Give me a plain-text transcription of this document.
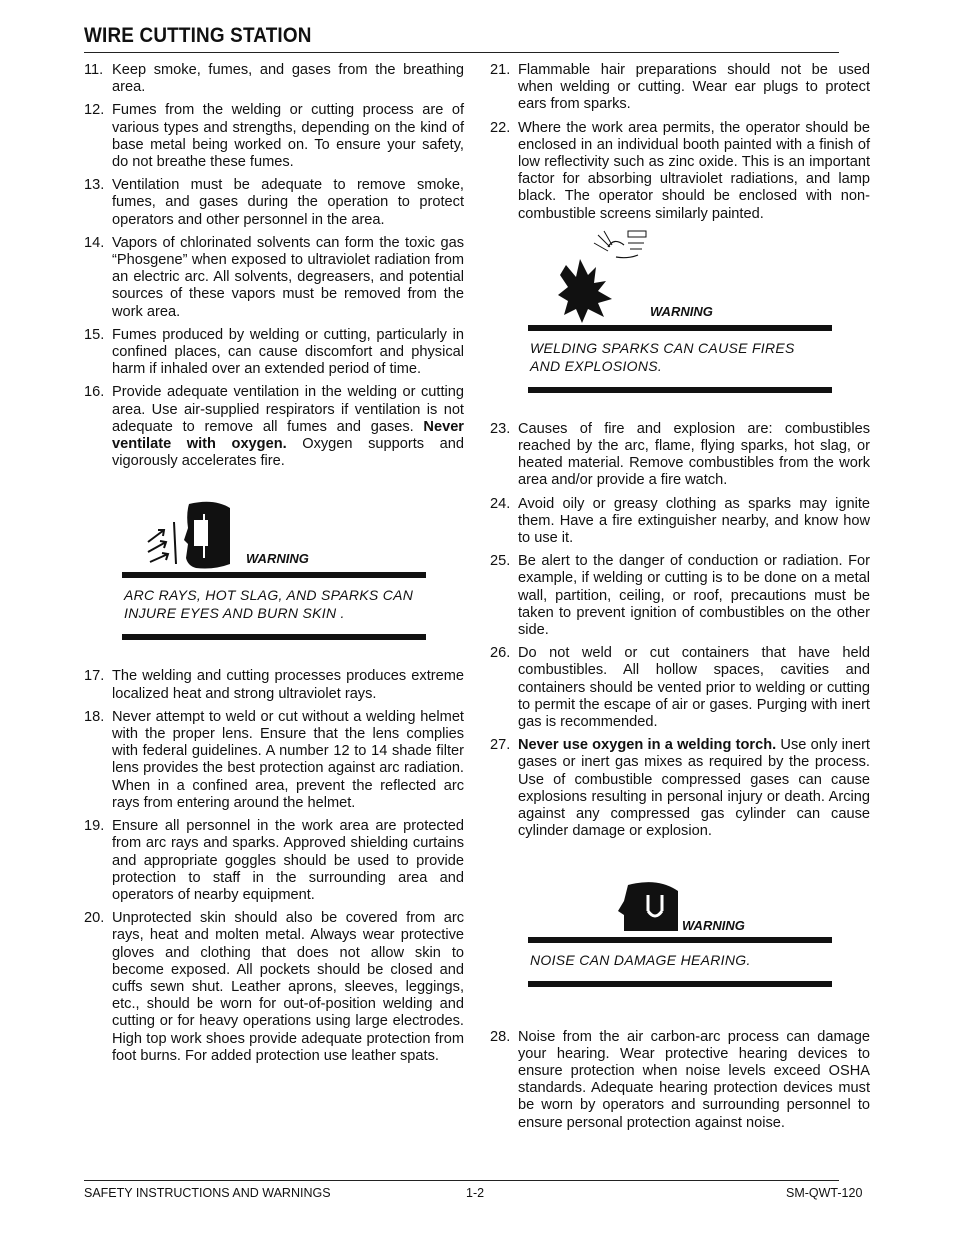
WIRE CUTTING STATION
11. Keep smoke, fumes, and gases from the breathing area.
12. Fumes from the welding or cutting process are of various types and strengths, depending on the kind of base metal being worked on. To ensure your safety, do not breathe these fumes.
13. Ventilation must be adequate to remove smoke, fumes, and gases during the operation to protect operators and other personnel in the area.
14. Vapors of chlorinated solvents can form the toxic gas “Phosgene” when exposed to ultraviolet radiation from an electric arc. All solvents, degreasers, and potential sources of these vapors must be removed from the work area.
15. Fumes produced by welding or cutting, particularly in confined places, can cause discomfort and physical harm if inhaled over an extended period of time.
16. Provide adequate ventilation in the welding or cutting area. Use air-supplied respirators if ventilation is not adequate to remove all fumes and gases. Never ventilate with oxygen. Oxygen supports and vigorously accelerates fire.
WARNING
ARC RAYS, HOT SLAG, AND SPARKS CAN INJURE EYES AND BURN SKIN .
17. The welding and cutting processes produces extreme localized heat and strong ultraviolet rays.
18. Never attempt to weld or cut without a welding helmet with the proper lens. Ensure that the lens complies with federal guidelines. A number 12 to 14 shade filter lens provides the best protection against arc radiation. When in a confined area, prevent the reflected arc rays from entering around the helmet.
19. Ensure all personnel in the work area are protected from arc rays and sparks. Approved shielding curtains and appropriate goggles should be used to provide protection to staff in the surrounding area and operators of nearby equipment.
20. Unprotected skin should also be covered from arc rays, heat and molten metal. Always wear protective gloves and clothing that does not allow skin to become exposed. All pockets should be closed and cuffs sewn shut. Leather aprons, sleeves, leggings, etc., should be worn for out-of-position welding and cutting or for heavy operations using large electrodes. High top work shoes provide adequate protection from foot burns. For added protection use leather spats.
21. Flammable hair preparations should not be used when welding or cutting. Wear ear plugs to protect ears from sparks.
22. Where the work area permits, the operator should be enclosed in an individual booth painted with a finish of low reflectivity such as zinc oxide. This is an important factor for absorbing ultraviolet radiations, and lamp black. The operator should be enclosed with non-combustible screens similarly painted.
WARNING
WELDING SPARKS CAN CAUSE FIRES AND EXPLOSIONS.
23. Causes of fire and explosion are: combustibles reached by the arc, flame, flying sparks, hot slag, or heated material. Remove combustibles from the work area and/or provide a fire watch.
24. Avoid oily or greasy clothing as sparks may ignite them. Have a fire extinguisher nearby, and know how to use it.
25. Be alert to the danger of conduction or radiation. For example, if welding or cutting is to be done on a metal wall, partition, ceiling, or roof, precautions must be taken to prevent ignition of combustibles on the other side.
26. Do not weld or cut containers that have held combustibles. All hollow spaces, cavities and containers should be vented prior to welding or cutting to permit the escape of air or gases. Purging with inert gas is recommended.
27. Never use oxygen in a welding torch. Use only inert gases or inert gas mixes as required by the process. Use of combustible compressed gases can cause explosions resulting in personal injury or death. Arcing against any compressed gas cylinder can cause cylinder damage or explosion.
WARNING
NOISE CAN DAMAGE HEARING.
28. Noise from the air carbon-arc process can damage your hearing. Wear protective hearing devices to ensure protection when noise levels exceed OSHA standards. Adequate hearing protection devices must be worn by operators and surrounding personnel to ensure personal protection against noise.
SAFETY INSTRUCTIONS AND WARNINGS	1-2	SM-QWT-120
